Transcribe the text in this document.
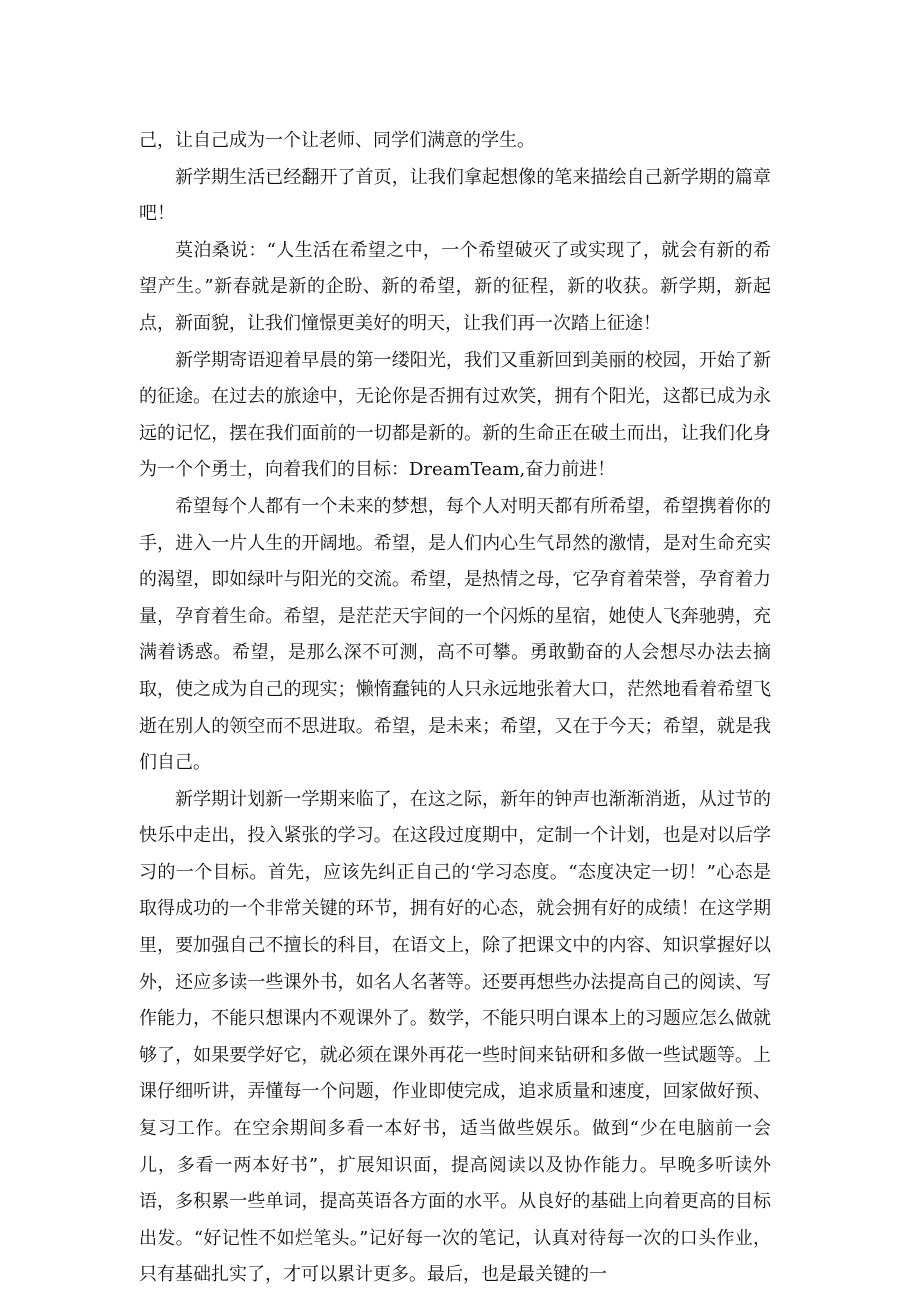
己，让自己成为一个让老师、同学们满意的学生。

新学期生活已经翻开了首页，让我们拿起想像的笔来描绘自己新学期的篇章吧！

莫泊桑说：“人生活在希望之中，一个希望破灭了或实现了，就会有新的希望产生。”新春就是新的企盼、新的希望，新的征程，新的收获。新学期，新起点，新面貌，让我们憧憬更美好的明天，让我们再一次踏上征途！

新学期寄语迎着早晨的第一缕阳光，我们又重新回到美丽的校园，开始了新的征途。在过去的旅途中，无论你是否拥有过欢笑，拥有个阳光，这都已成为永远的记忆，摆在我们面前的一切都是新的。新的生命正在破土而出，让我们化身为一个个勇士，向着我们的目标：DreamTeam,奋力前进！

希望每个人都有一个未来的梦想，每个人对明天都有所希望，希望携着你的手，进入一片人生的开阔地。希望，是人们内心生气昂然的激情，是对生命充实的渴望，即如绿叶与阳光的交流。希望，是热情之母，它孕育着荣誉，孕育着力量，孕育着生命。希望，是茫茫天宇间的一个闪烁的星宿，她使人飞奔驰骋，充满着诱惑。希望，是那么深不可测，高不可攀。勇敢勤奋的人会想尽办法去摘取，使之成为自己的现实；懒惰蠢钝的人只永远地张着大口，茫然地看着希望飞逝在别人的领空而不思进取。希望，是未来；希望，又在于今天；希望，就是我们自己。

新学期计划新一学期来临了，在这之际，新年的钟声也渐渐消逝，从过节的快乐中走出，投入紧张的学习。在这段过度期中，定制一个计划，也是对以后学习的一个目标。首先，应该先纠正自己的‘学习态度。“态度决定一切！”心态是取得成功的一个非常关键的环节，拥有好的心态，就会拥有好的成绩！在这学期里，要加强自己不擅长的科目，在语文上，除了把课文中的内容、知识掌握好以外，还应多读一些课外书，如名人名著等。还要再想些办法提高自己的阅读、写作能力，不能只想课内不观课外了。数学，不能只明白课本上的习题应怎么做就够了，如果要学好它，就必须在课外再花一些时间来钻研和多做一些试题等。上课仔细听讲，弄懂每一个问题，作业即使完成，追求质量和速度，回家做好预、复习工作。在空余期间多看一本好书，适当做些娱乐。做到“少在电脑前一会儿，多看一两本好书”，扩展知识面，提高阅读以及协作能力。早晚多听读外语，多积累一些单词，提高英语各方面的水平。从良好的基础上向着更高的目标出发。“好记性不如烂笔头。”记好每一次的笔记，认真对待每一次的口头作业，只有基础扎实了，才可以累计更多。最后，也是最关键的一
